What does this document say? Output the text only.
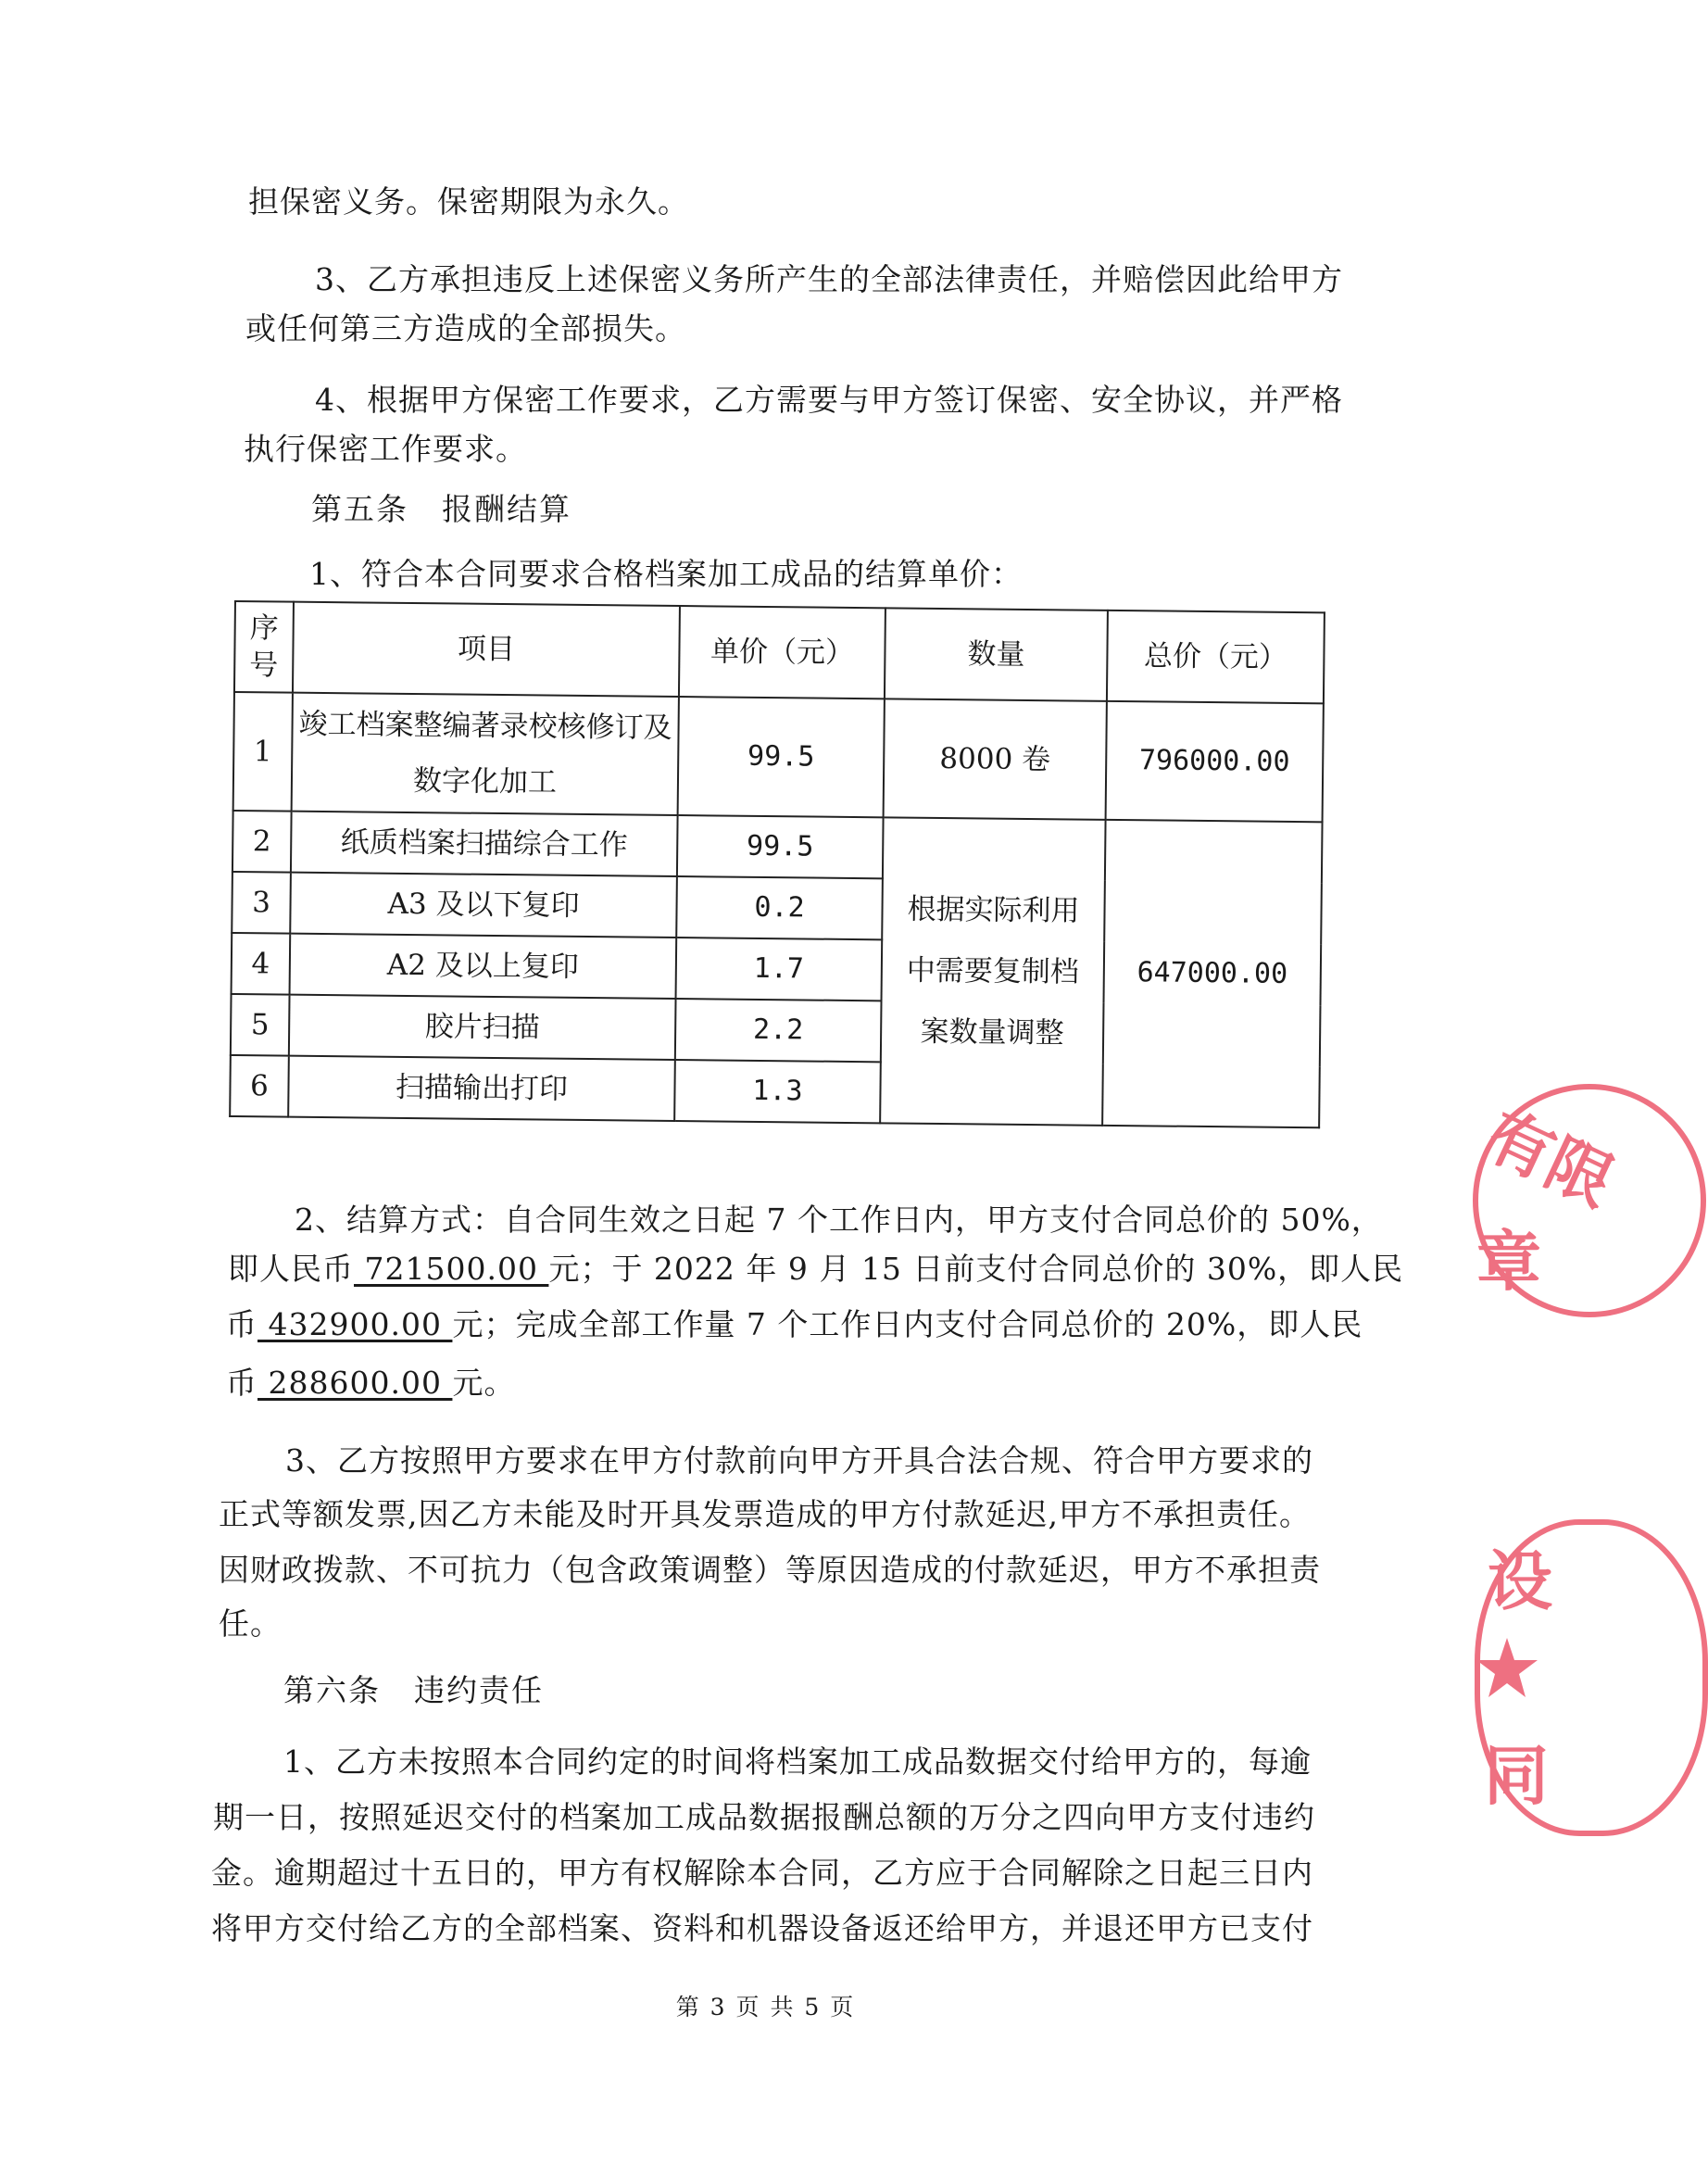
担保密义务。保密期限为永久。
3、乙方承担违反上述保密义务所产生的全部法律责任，并赔偿因此给甲方
或任何第三方造成的全部损失。
4、根据甲方保密工作要求，乙方需要与甲方签订保密、安全协议，并严格
执行保密工作要求。
第五条 报酬结算
1、符合本合同要求合格档案加工成品的结算单价：
序号	项目	单价（元）	数量	总价（元）
1	竣工档案整编著录校核修订及数字化加工	99.5	8000 卷	796000.00
2	纸质档案扫描综合工作	99.5	根据实际利用中需要复制档案数量调整	647000.00
3	A3 及以下复印	0.2		
4	A2 及以上复印	1.7		
5	胶片扫描	2.2		
6	扫描输出打印	1.3		
2、结算方式：自合同生效之日起 7 个工作日内，甲方支付合同总价的 50%，
即人民币 721500.00 元；于 2022 年 9 月 15 日前支付合同总价的 30%，即人民
币 432900.00 元；完成全部工作量 7 个工作日内支付合同总价的 20%，即人民
币 288600.00 元。
3、乙方按照甲方要求在甲方付款前向甲方开具合法合规、符合甲方要求的
正式等额发票,因乙方未能及时开具发票造成的甲方付款延迟,甲方不承担责任。
因财政拨款、不可抗力（包含政策调整）等原因造成的付款延迟，甲方不承担责
任。
第六条 违约责任
1、乙方未按照本合同约定的时间将档案加工成品数据交付给甲方的，每逾
期一日，按照延迟交付的档案加工成品数据报酬总额的万分之四向甲方支付违约
金。逾期超过十五日的，甲方有权解除本合同，乙方应于合同解除之日起三日内
将甲方交付给乙方的全部档案、资料和机器设备返还给甲方，并退还甲方已支付
第 3 页 共 5 页
有限
章
设
同
